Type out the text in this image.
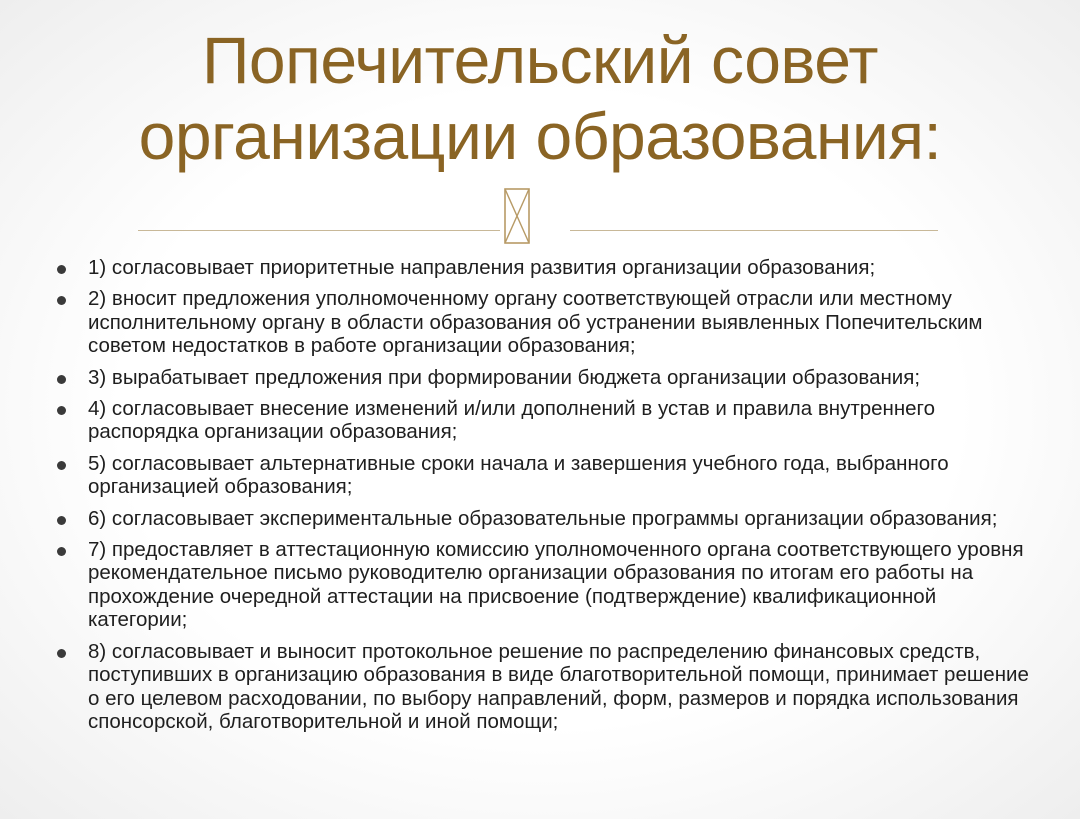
Попечительский совет
организации образования:
1) согласовывает приоритетные направления развития организации образования;
2) вносит предложения уполномоченному органу соответствующей отрасли или местному исполнительному органу в области образования об устранении выявленных Попечительским советом недостатков в работе организации образования;
3) вырабатывает предложения при формировании бюджета организации образования;
4) согласовывает внесение изменений и/или дополнений в устав и правила внутреннего распорядка организации образования;
5) согласовывает альтернативные сроки начала и завершения учебного года, выбранного организацией образования;
6) согласовывает экспериментальные образовательные программы организации образования;
7) предоставляет в аттестационную комиссию уполномоченного органа соответствующего уровня рекомендательное письмо руководителю организации образования по итогам его работы на прохождение очередной аттестации на присвоение (подтверждение) квалификационной категории;
8) согласовывает и выносит протокольное решение по распределению финансовых средств, поступивших в организацию образования в виде благотворительной помощи, принимает решение о его целевом расходовании, по выбору направлений, форм, размеров и порядка использования спонсорской, благотворительной и иной помощи;
